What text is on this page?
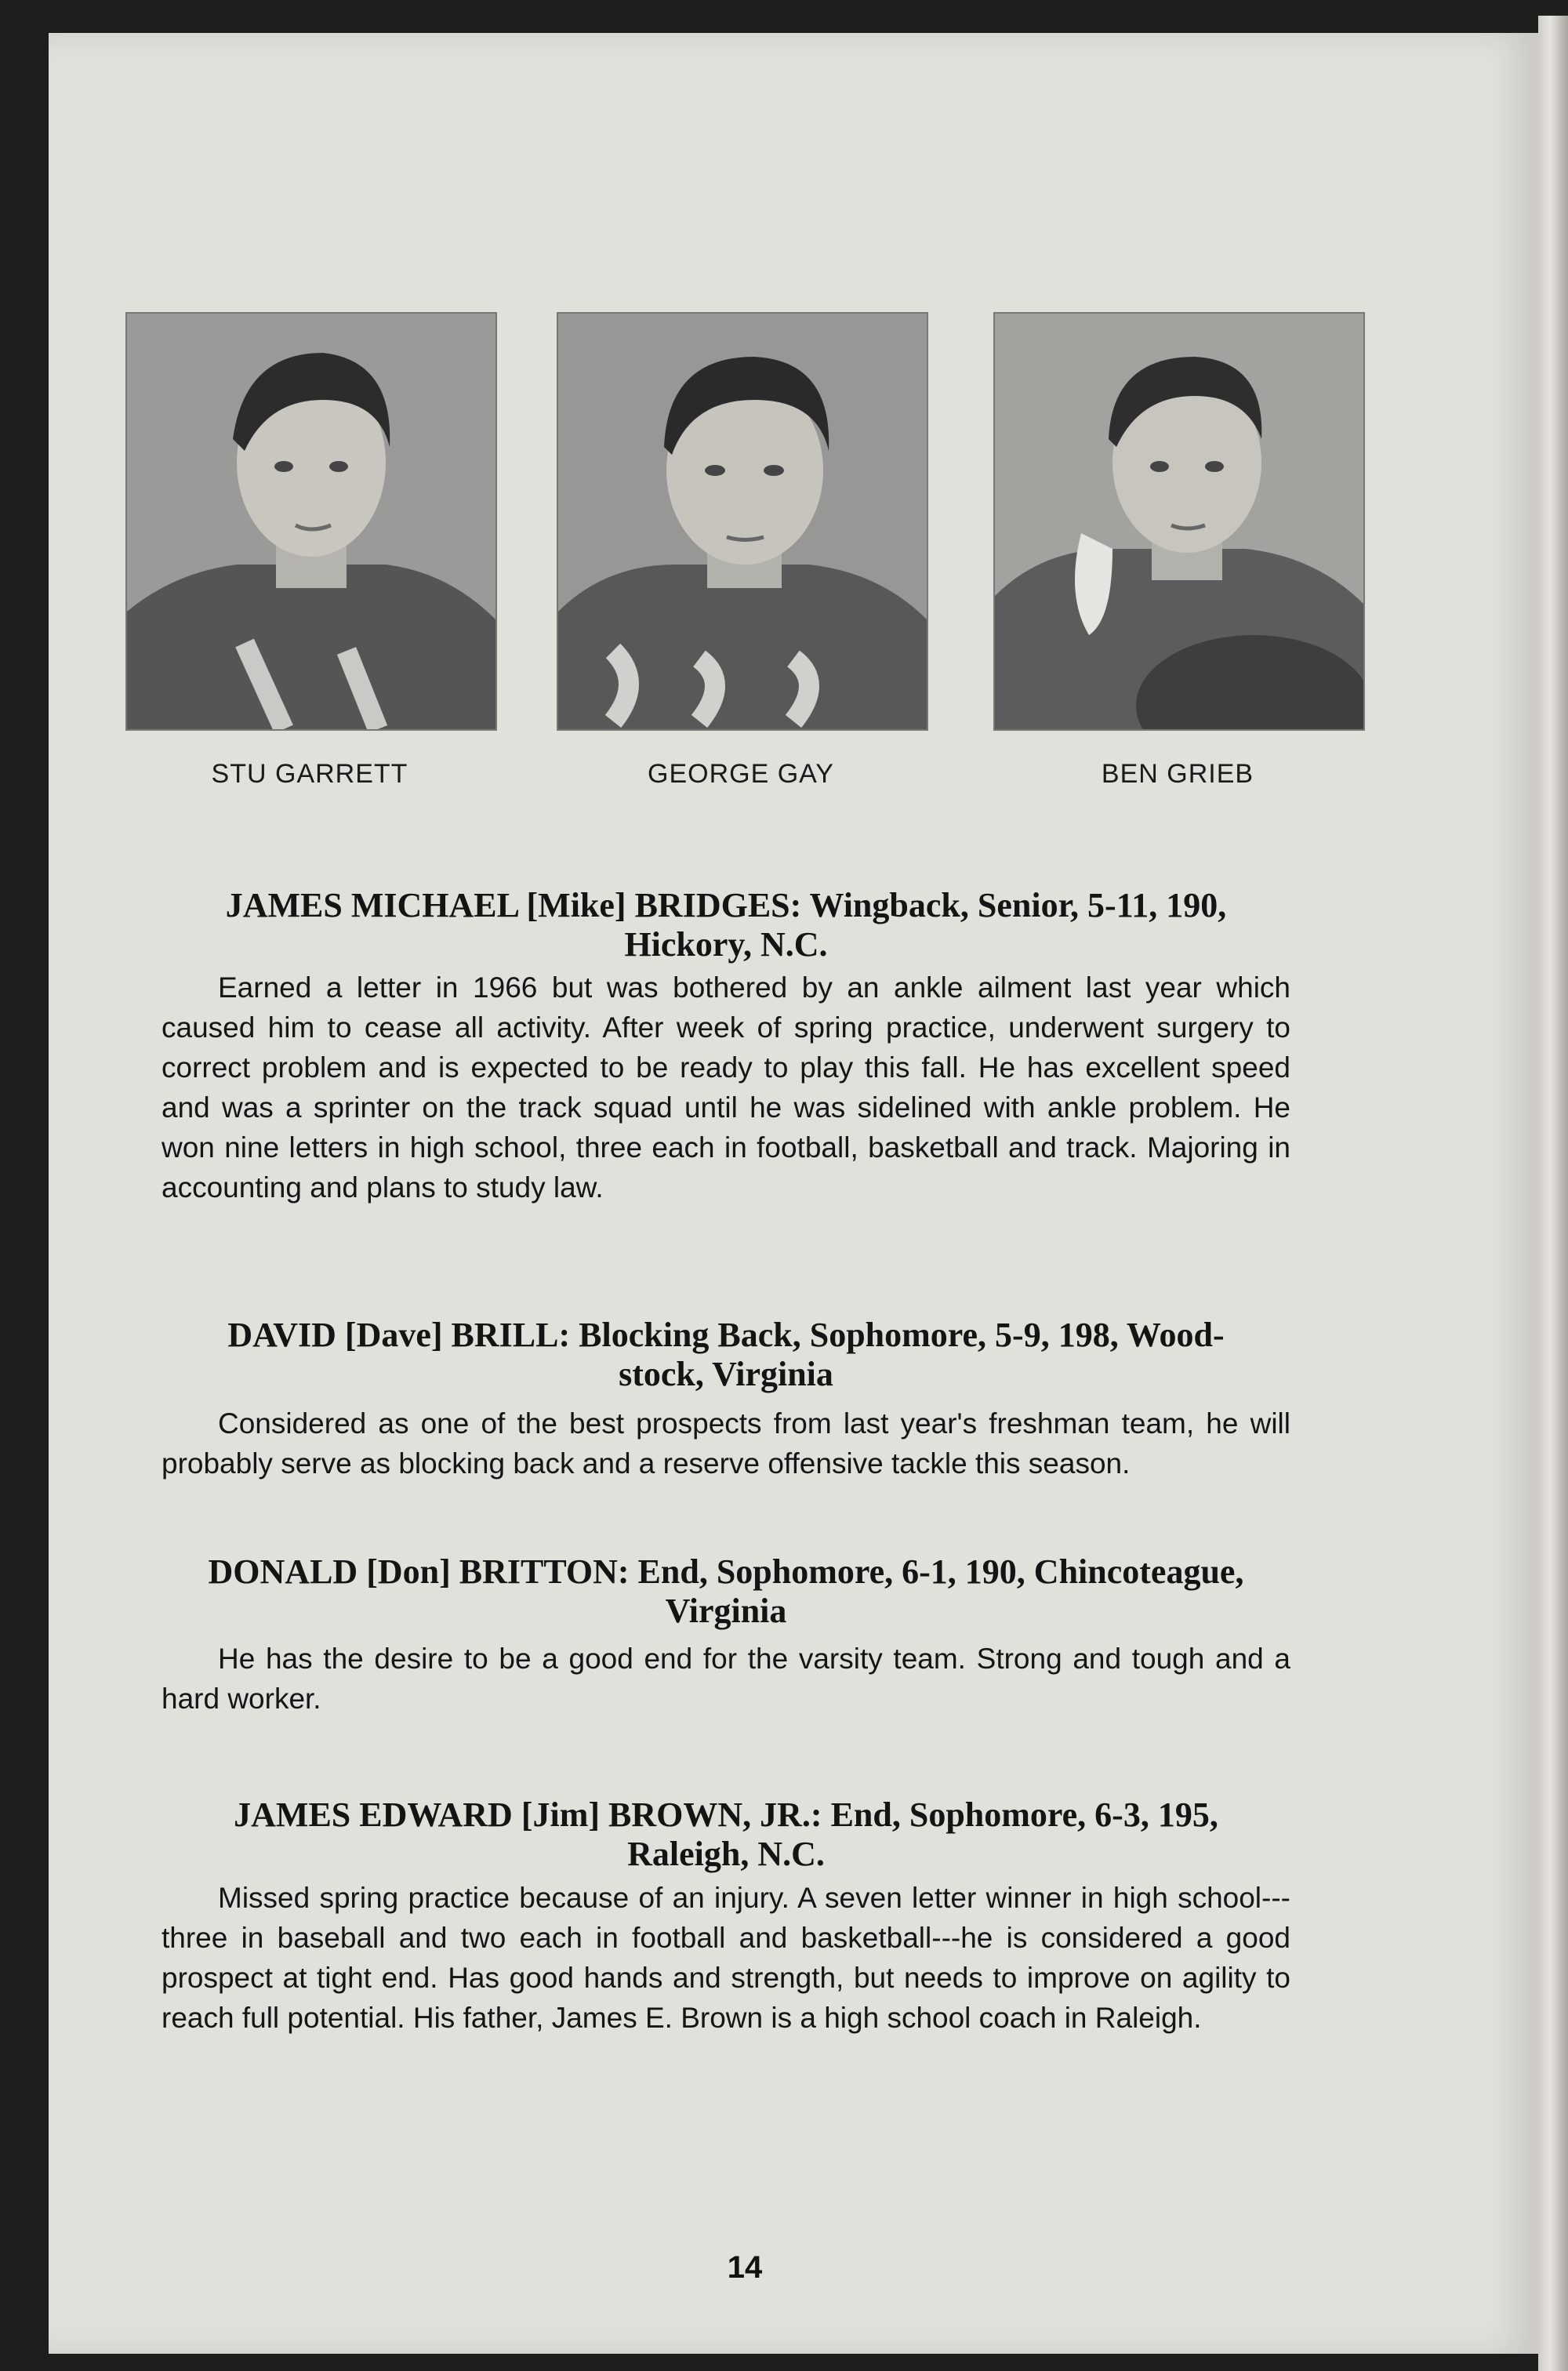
STU GARRETT	GEORGE GAY	BEN GRIEB
JAMES MICHAEL [Mike] BRIDGES: Wingback, Senior, 5-11, 190,
Hickory, N.C.
Earned a letter in 1966 but was bothered by an ankle ailment last year which caused him to cease all activity. After week of spring practice, underwent surgery to correct problem and is expected to be ready to play this fall. He has excellent speed and was a sprinter on the track squad until he was sidelined with ankle problem. He won nine letters in high school, three each in football, basketball and track. Majoring in accounting and plans to study law.
DAVID [Dave] BRILL: Blocking Back, Sophomore, 5-9, 198, Wood-
stock, Virginia
Considered as one of the best prospects from last year's freshman team, he will probably serve as blocking back and a reserve offensive tackle this season.
DONALD [Don] BRITTON: End, Sophomore, 6-1, 190, Chincoteague,
Virginia
He has the desire to be a good end for the varsity team. Strong and tough and a hard worker.
JAMES EDWARD [Jim] BROWN, JR.: End, Sophomore, 6-3, 195,
Raleigh, N.C.
Missed spring practice because of an injury. A seven letter winner in high school---three in baseball and two each in football and basketball---he is considered a good prospect at tight end. Has good hands and strength, but needs to improve on agility to reach full potential. His father, James E. Brown is a high school coach in Raleigh.
14
